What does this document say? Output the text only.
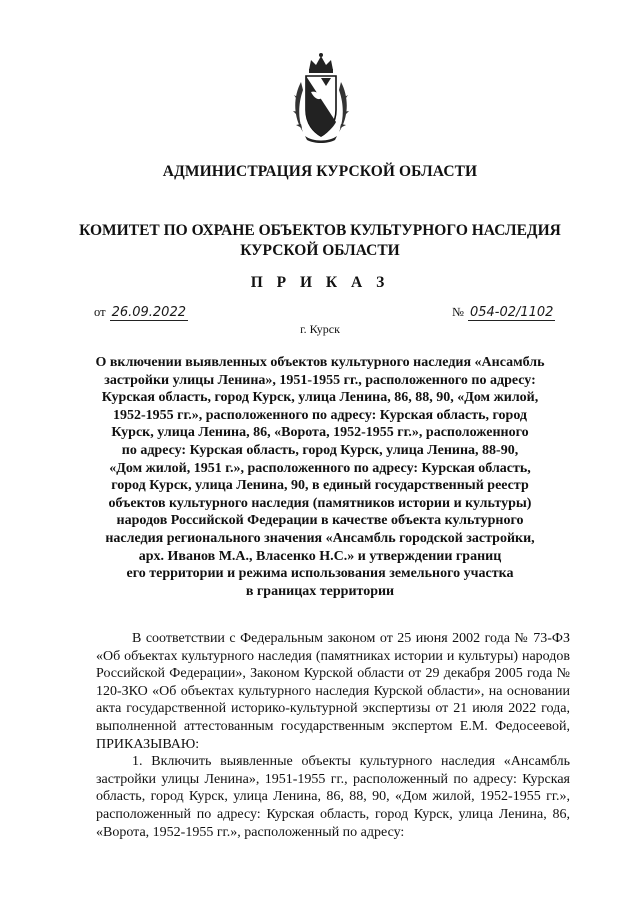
АДМИНИСТРАЦИЯ КУРСКОЙ ОБЛАСТИ
КОМИТЕТ ПО ОХРАНЕ ОБЪЕКТОВ КУЛЬТУРНОГО НАСЛЕДИЯ
КУРСКОЙ ОБЛАСТИ
П Р И К А З
от 26.09.2022	№ 054-02/1102
г. Курск
О включении выявленных объектов культурного наследия «Ансамбль
застройки улицы Ленина», 1951-1955 гг., расположенного по адресу:
Курская область, город Курск, улица Ленина, 86, 88, 90, «Дом жилой,
1952-1955 гг.», расположенного по адресу: Курская область, город
Курск, улица Ленина, 86, «Ворота, 1952-1955 гг.», расположенного
по адресу: Курская область, город Курск, улица Ленина, 88-90,
«Дом жилой, 1951 г.», расположенного по адресу: Курская область,
город Курск, улица Ленина, 90, в единый государственный реестр
объектов культурного наследия (памятников истории и культуры)
народов Российской Федерации в качестве объекта культурного
наследия регионального значения «Ансамбль городской застройки,
арх. Иванов М.А., Власенко Н.С.» и утверждении границ
его территории и режима использования земельного участка
в границах территории

В соответствии с Федеральным законом от 25 июня 2002 года № 73-ФЗ «Об объектах культурного наследия (памятниках истории и культуры) народов Российской Федерации», Законом Курской области от 29 декабря 2005 года № 120-ЗКО «Об объектах культурного наследия Курской области», на основании акта государственной историко-культурной экспертизы от 21 июля 2022 года, выполненной аттестованным государственным экспертом Е.М. Федосеевой, ПРИКАЗЫВАЮ:

1. Включить выявленные объекты культурного наследия «Ансамбль застройки улицы Ленина», 1951-1955 гг., расположенный по адресу: Курская область, город Курск, улица Ленина, 86, 88, 90, «Дом жилой, 1952-1955 гг.», расположенный по адресу: Курская область, город Курск, улица Ленина, 86, «Ворота, 1952-1955 гг.», расположенный по адресу:
